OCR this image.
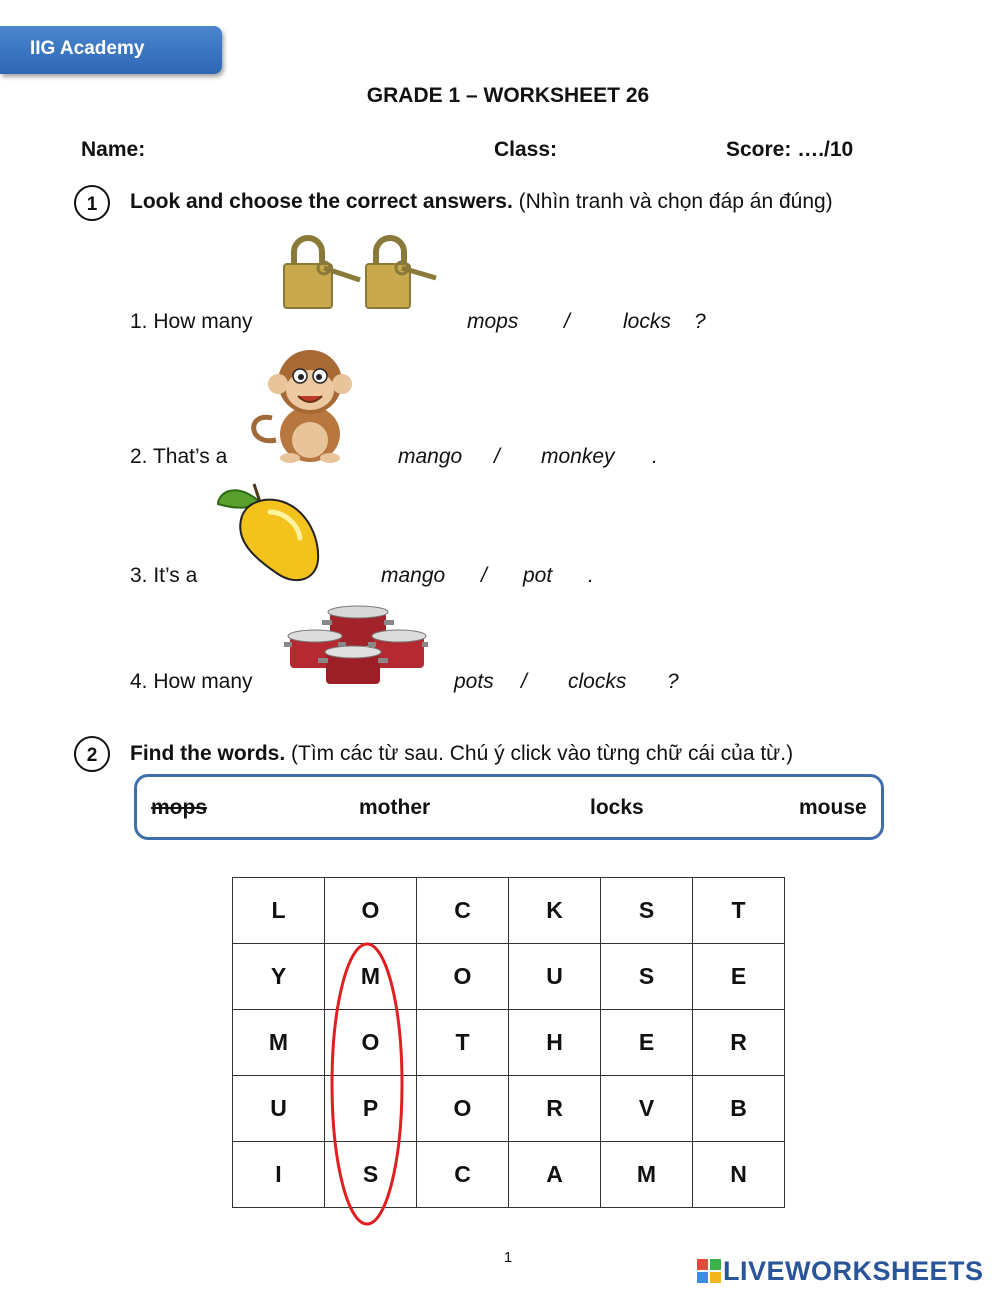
IIG Academy
GRADE 1 – WORKSHEET 26
Name:	Class:	Score: …./10
1	Look and choose the correct answers. (Nhìn tranh và chọn đáp án đúng)
1. How many	mops /	locks ?
2. That’s a	mango / monkey .
3. It’s a	mango / pot .
4. How many	pots / clocks ?
2	Find the words. (Tìm các từ sau. Chú ý click vào từng chữ cái của từ.)
mops	mother	locks	mouse
L	O	C	K	S	T
Y	M	O	U	S	E
M	O	T	H	E	R
U	P	O	R	V	B
I	S	C	A	M	N
1	LIVEWORKSHEETS
